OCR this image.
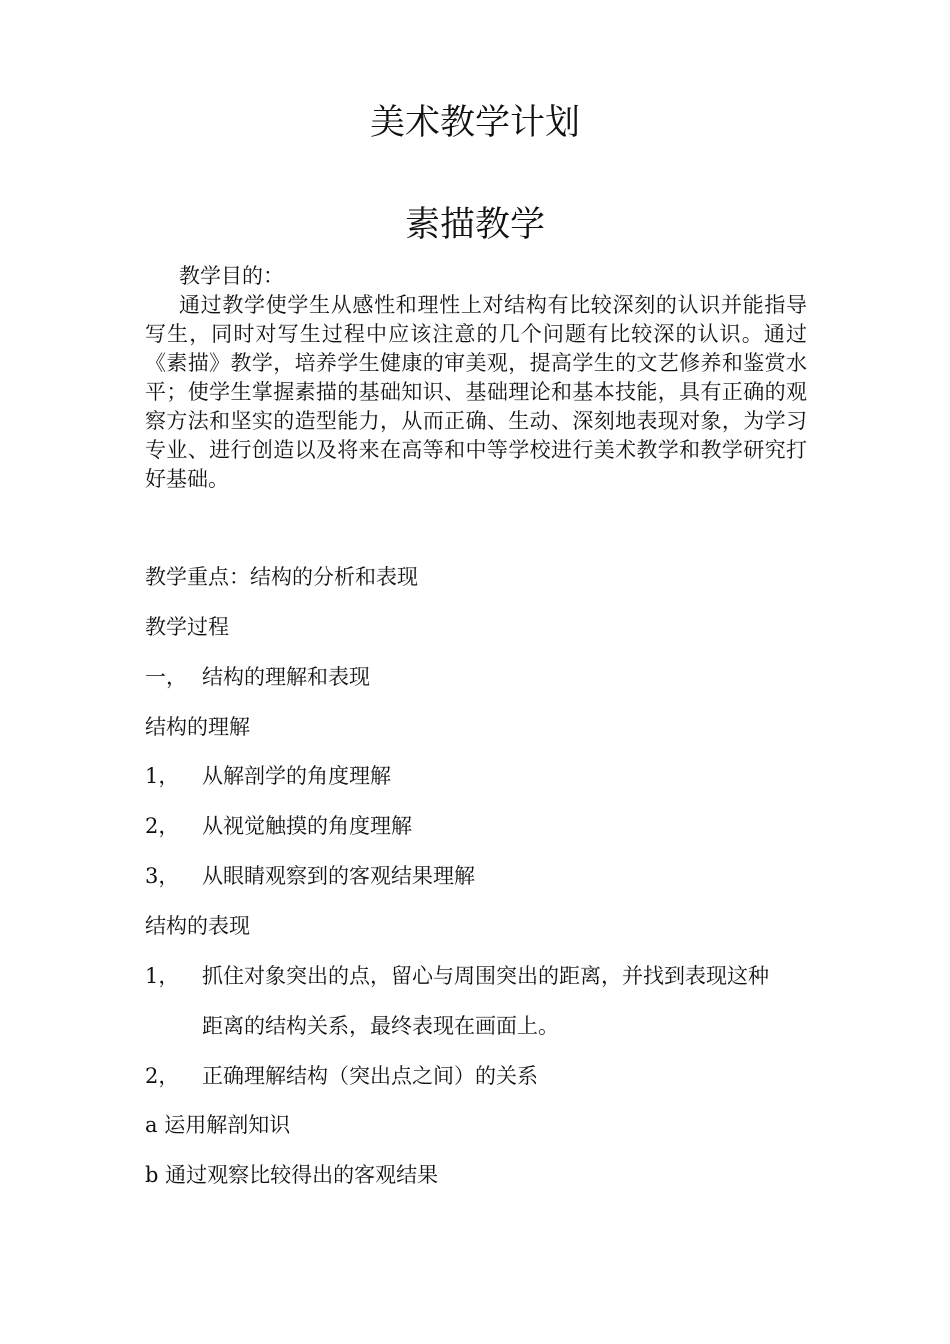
美术教学计划
素描教学

教学目的：

通过教学使学生从感性和理性上对结构有比较深刻的认识并能指导写生，同时对写生过程中应该注意的几个问题有比较深的认识。通过《素描》教学，培养学生健康的审美观，提高学生的文艺修养和鉴赏水平；使学生掌握素描的基础知识、基础理论和基本技能，具有正确的观察方法和坚实的造型能力，从而正确、生动、深刻地表现对象，为学习专业、进行创造以及将来在高等和中等学校进行美术教学和教学研究打好基础。

教学重点：结构的分析和表现

教学过程

一， 结构的理解和表现

结构的理解

1， 从解剖学的角度理解

2， 从视觉触摸的角度理解

3， 从眼睛观察到的客观结果理解

结构的表现

1， 抓住对象突出的点，留心与周围突出的距离，并找到表现这种

距离的结构关系，最终表现在画面上。

2， 正确理解结构（突出点之间）的关系

a 运用解剖知识

b 通过观察比较得出的客观结果
